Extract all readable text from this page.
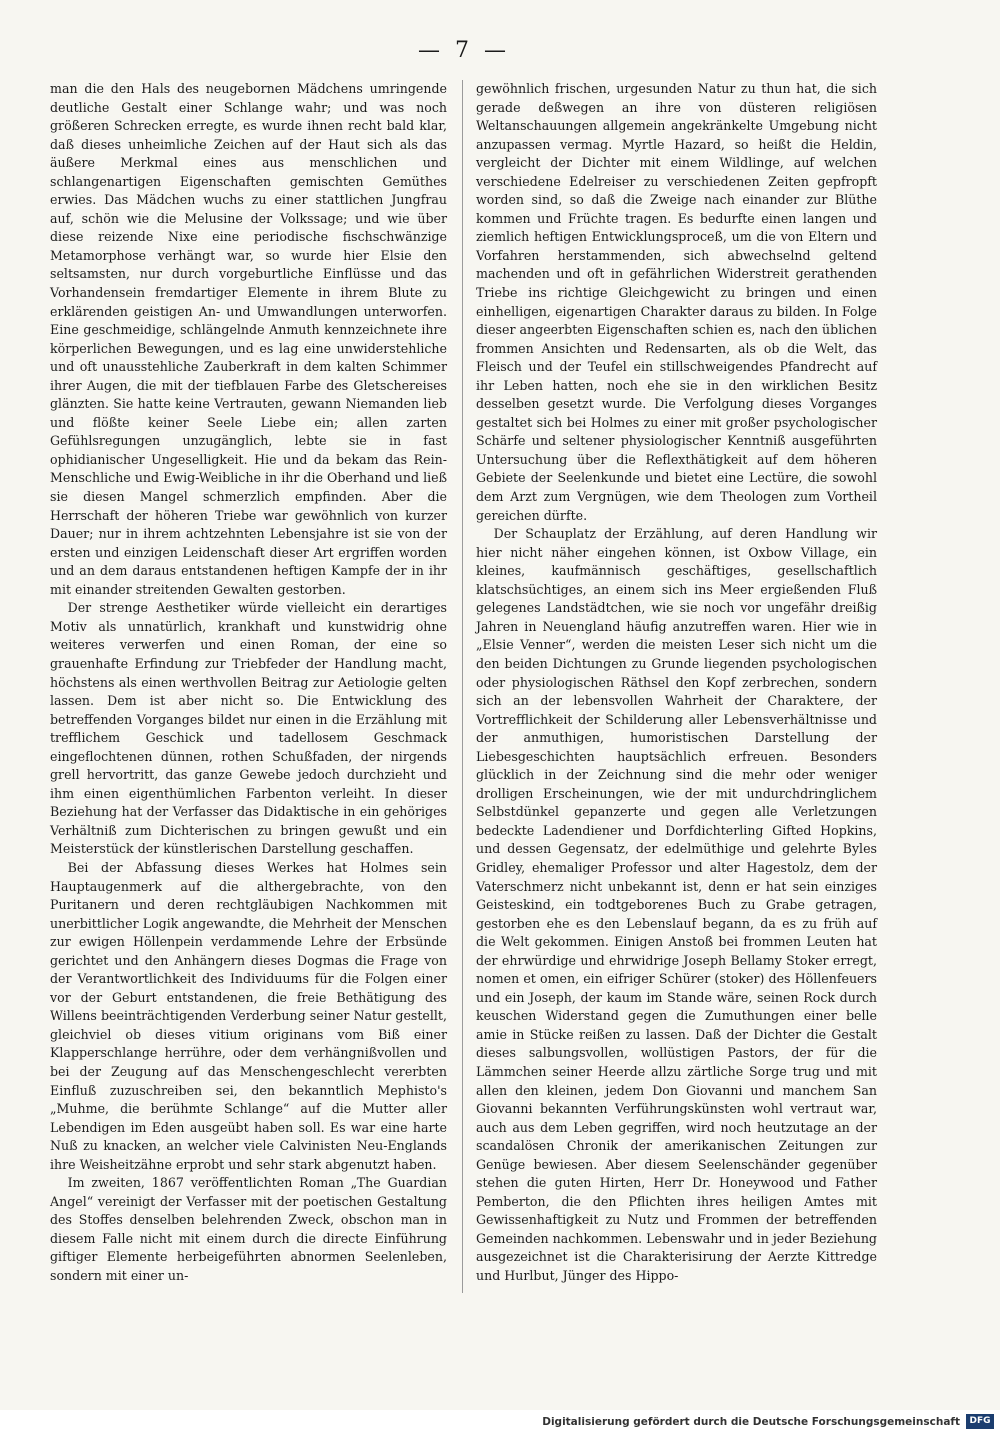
— 7 —

man die den Hals des neugebornen Mädchens umringende deutliche Gestalt einer Schlange wahr; und was noch größeren Schrecken erregte, es wurde ihnen recht bald klar, daß dieses unheimliche Zeichen auf der Haut sich als das äußere Merkmal eines aus menschlichen und schlangenartigen Eigenschaften gemischten Gemüthes erwies. Das Mädchen wuchs zu einer stattlichen Jungfrau auf, schön wie die Melusine der Volkssage; und wie über diese reizende Nixe eine periodische fischschwänzige Metamorphose verhängt war, so wurde hier Elsie den seltsamsten, nur durch vorgeburtliche Einflüsse und das Vorhandensein fremdartiger Elemente in ihrem Blute zu erklärenden geistigen An- und Umwandlungen unterworfen. Eine geschmeidige, schlängelnde Anmuth kennzeichnete ihre körperlichen Bewegungen, und es lag eine unwiderstehliche und oft unausstehliche Zauberkraft in dem kalten Schimmer ihrer Augen, die mit der tiefblauen Farbe des Gletschereises glänzten. Sie hatte keine Vertrauten, gewann Niemanden lieb und flößte keiner Seele Liebe ein; allen zarten Gefühlsregungen unzugänglich, lebte sie in fast ophidianischer Ungeselligkeit. Hie und da bekam das Rein-Menschliche und Ewig-Weibliche in ihr die Oberhand und ließ sie diesen Mangel schmerzlich empfinden. Aber die Herrschaft der höheren Triebe war gewöhnlich von kurzer Dauer; nur in ihrem achtzehnten Lebensjahre ist sie von der ersten und einzigen Leidenschaft dieser Art ergriffen worden und an dem daraus entstandenen heftigen Kampfe der in ihr mit einander streitenden Gewalten gestorben.

Der strenge Aesthetiker würde vielleicht ein derartiges Motiv als unnatürlich, krankhaft und kunstwidrig ohne weiteres verwerfen und einen Roman, der eine so grauenhafte Erfindung zur Triebfeder der Handlung macht, höchstens als einen werthvollen Beitrag zur Aetiologie gelten lassen. Dem ist aber nicht so. Die Entwicklung des betreffenden Vorganges bildet nur einen in die Erzählung mit trefflichem Geschick und tadellosem Geschmack eingeflochtenen dünnen, rothen Schußfaden, der nirgends grell hervortritt, das ganze Gewebe jedoch durchzieht und ihm einen eigenthümlichen Farbenton verleiht. In dieser Beziehung hat der Verfasser das Didaktische in ein gehöriges Verhältniß zum Dichterischen zu bringen gewußt und ein Meisterstück der künstlerischen Darstellung geschaffen.

Bei der Abfassung dieses Werkes hat Holmes sein Hauptaugenmerk auf die althergebrachte, von den Puritanern und deren rechtgläubigen Nachkommen mit unerbittlicher Logik angewandte, die Mehrheit der Menschen zur ewigen Höllenpein verdammende Lehre der Erbsünde gerichtet und den Anhängern dieses Dogmas die Frage von der Verantwortlichkeit des Individuums für die Folgen einer vor der Geburt entstandenen, die freie Bethätigung des Willens beeinträchtigenden Verderbung seiner Natur gestellt, gleichviel ob dieses vitium originans vom Biß einer Klapperschlange herrühre, oder dem verhängnißvollen und bei der Zeugung auf das Menschengeschlecht vererbten Einfluß zuzuschreiben sei, den bekanntlich Mephisto's „Muhme, die berühmte Schlange“ auf die Mutter aller Lebendigen im Eden ausgeübt haben soll. Es war eine harte Nuß zu knacken, an welcher viele Calvinisten Neu-Englands ihre Weisheitzähne erprobt und sehr stark abgenutzt haben.

Im zweiten, 1867 veröffentlichten Roman „The Guardian Angel“ vereinigt der Verfasser mit der poetischen Gestaltung des Stoffes denselben belehrenden Zweck, obschon man in diesem Falle nicht mit einem durch die directe Einführung giftiger Elemente herbeigeführten abnormen Seelenleben, sondern mit einer un-

gewöhnlich frischen, urgesunden Natur zu thun hat, die sich gerade deßwegen an ihre von düsteren religiösen Weltanschauungen allgemein angekränkelte Umgebung nicht anzupassen vermag. Myrtle Hazard, so heißt die Heldin, vergleicht der Dichter mit einem Wildlinge, auf welchen verschiedene Edelreiser zu verschiedenen Zeiten gepfropft worden sind, so daß die Zweige nach einander zur Blüthe kommen und Früchte tragen. Es bedurfte einen langen und ziemlich heftigen Entwicklungsproceß, um die von Eltern und Vorfahren herstammenden, sich abwechselnd geltend machenden und oft in gefährlichen Widerstreit gerathenden Triebe ins richtige Gleichgewicht zu bringen und einen einhelligen, eigenartigen Charakter daraus zu bilden. In Folge dieser angeerbten Eigenschaften schien es, nach den üblichen frommen Ansichten und Redensarten, als ob die Welt, das Fleisch und der Teufel ein stillschweigendes Pfandrecht auf ihr Leben hatten, noch ehe sie in den wirklichen Besitz desselben gesetzt wurde. Die Verfolgung dieses Vorganges gestaltet sich bei Holmes zu einer mit großer psychologischer Schärfe und seltener physiologischer Kenntniß ausgeführten Untersuchung über die Reflexthätigkeit auf dem höheren Gebiete der Seelenkunde und bietet eine Lectüre, die sowohl dem Arzt zum Vergnügen, wie dem Theologen zum Vortheil gereichen dürfte.

Der Schauplatz der Erzählung, auf deren Handlung wir hier nicht näher eingehen können, ist Oxbow Village, ein kleines, kaufmännisch geschäftiges, gesellschaftlich klatschsüchtiges, an einem sich ins Meer ergießenden Fluß gelegenes Landstädtchen, wie sie noch vor ungefähr dreißig Jahren in Neuengland häufig anzutreffen waren. Hier wie in „Elsie Venner“, werden die meisten Leser sich nicht um die den beiden Dichtungen zu Grunde liegenden psychologischen oder physiologischen Räthsel den Kopf zerbrechen, sondern sich an der lebensvollen Wahrheit der Charaktere, der Vortrefflichkeit der Schilderung aller Lebensverhältnisse und der anmuthigen, humoristischen Darstellung der Liebesgeschichten hauptsächlich erfreuen. Besonders glücklich in der Zeichnung sind die mehr oder weniger drolligen Erscheinungen, wie der mit undurchdringlichem Selbstdünkel gepanzerte und gegen alle Verletzungen bedeckte Ladendiener und Dorfdichterling Gifted Hopkins, und dessen Gegensatz, der edelmüthige und gelehrte Byles Gridley, ehemaliger Professor und alter Hagestolz, dem der Vaterschmerz nicht unbekannt ist, denn er hat sein einziges Geisteskind, ein todtgeborenes Buch zu Grabe getragen, gestorben ehe es den Lebenslauf begann, da es zu früh auf die Welt gekommen. Einigen Anstoß bei frommen Leuten hat der ehrwürdige und ehrwidrige Joseph Bellamy Stoker erregt, nomen et omen, ein eifriger Schürer (stoker) des Höllenfeuers und ein Joseph, der kaum im Stande wäre, seinen Rock durch keuschen Widerstand gegen die Zumuthungen einer belle amie in Stücke reißen zu lassen. Daß der Dichter die Gestalt dieses salbungsvollen, wollüstigen Pastors, der für die Lämmchen seiner Heerde allzu zärtliche Sorge trug und mit allen den kleinen, jedem Don Giovanni und manchem San Giovanni bekannten Verführungskünsten wohl vertraut war, auch aus dem Leben gegriffen, wird noch heutzutage an der scandalösen Chronik der amerikanischen Zeitungen zur Genüge bewiesen. Aber diesem Seelenschänder gegenüber stehen die guten Hirten, Herr Dr. Honeywood und Father Pemberton, die den Pflichten ihres heiligen Amtes mit Gewissenhaftigkeit zu Nutz und Frommen der betreffenden Gemeinden nachkommen. Lebenswahr und in jeder Beziehung ausgezeichnet ist die Charakterisirung der Aerzte Kittredge und Hurlbut, Jünger des Hippo-

Digitalisierung gefördert durch die Deutsche Forschungsgemeinschaft	DFG
